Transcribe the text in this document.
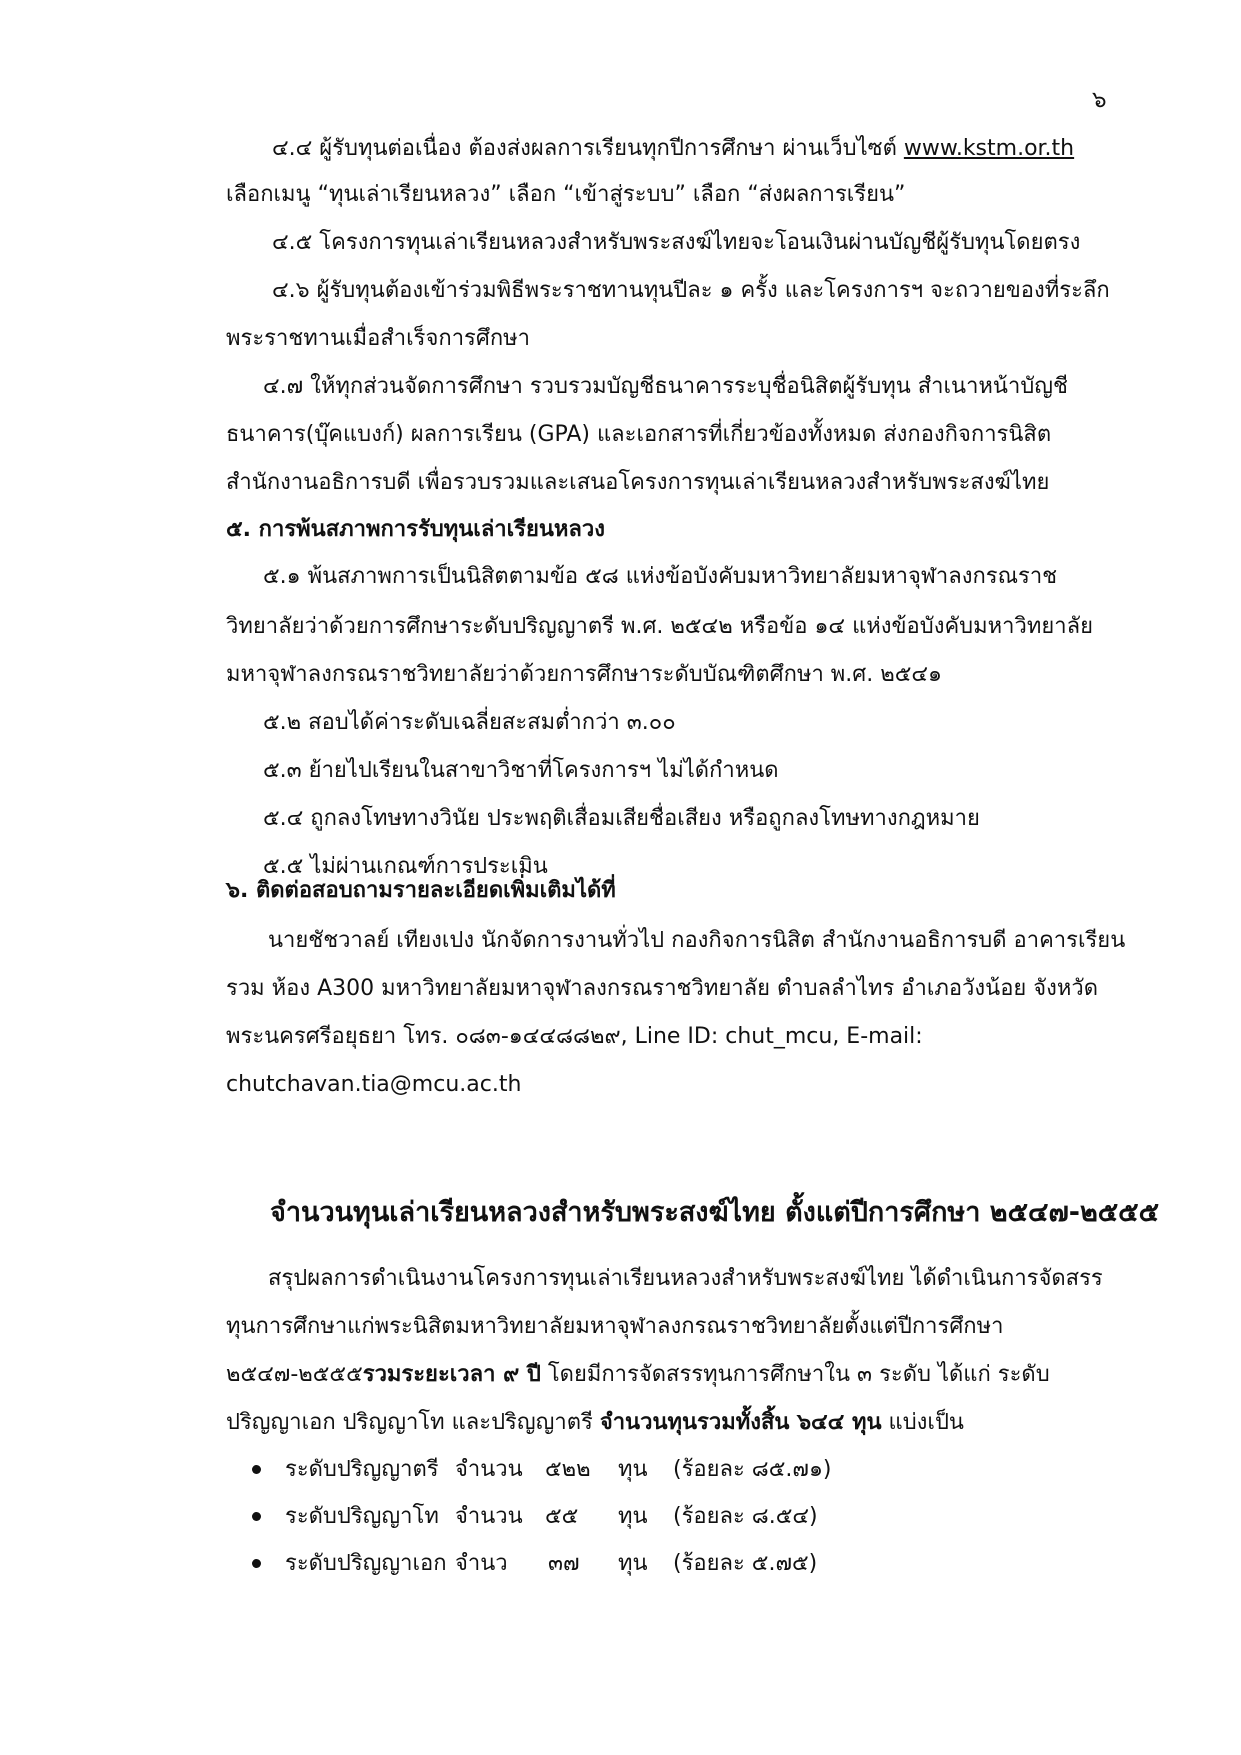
๖
๔.๔ ผู้รับทุนต่อเนื่อง ต้องส่งผลการเรียนทุกปีการศึกษา ผ่านเว็บไซต์ www.kstm.or.th
เลือกเมนู “ทุนเล่าเรียนหลวง” เลือก “เข้าสู่ระบบ” เลือก “ส่งผลการเรียน”
๔.๕ โครงการทุนเล่าเรียนหลวงสำหรับพระสงฆ์ไทยจะโอนเงินผ่านบัญชีผู้รับทุนโดยตรง
๔.๖ ผู้รับทุนต้องเข้าร่วมพิธีพระราชทานทุนปีละ ๑ ครั้ง และโครงการฯ จะถวายของที่ระลึก
พระราชทานเมื่อสำเร็จการศึกษา
๔.๗ ให้ทุกส่วนจัดการศึกษา รวบรวมบัญชีธนาคารระบุชื่อนิสิตผู้รับทุน สำเนาหน้าบัญชี
ธนาคาร(บุ๊คแบงก์) ผลการเรียน (GPA) และเอกสารที่เกี่ยวข้องทั้งหมด ส่งกองกิจการนิสิต
สำนักงานอธิการบดี เพื่อรวบรวมและเสนอโครงการทุนเล่าเรียนหลวงสำหรับพระสงฆ์ไทย
๕. การพ้นสภาพการรับทุนเล่าเรียนหลวง
๕.๑ พ้นสภาพการเป็นนิสิตตามข้อ ๕๘ แห่งข้อบังคับมหาวิทยาลัยมหาจุฬาลงกรณราช
วิทยาลัยว่าด้วยการศึกษาระดับปริญญาตรี พ.ศ. ๒๕๔๒ หรือข้อ ๑๔ แห่งข้อบังคับมหาวิทยาลัย
มหาจุฬาลงกรณราชวิทยาลัยว่าด้วยการศึกษาระดับบัณฑิตศึกษา พ.ศ. ๒๕๔๑
๕.๒ สอบได้ค่าระดับเฉลี่ยสะสมต่ำกว่า ๓.๐๐
๕.๓ ย้ายไปเรียนในสาขาวิชาที่โครงการฯ ไม่ได้กำหนด
๕.๔ ถูกลงโทษทางวินัย ประพฤติเสื่อมเสียชื่อเสียง หรือถูกลงโทษทางกฎหมาย
๕.๕ ไม่ผ่านเกณฑ์การประเมิน
๖. ติดต่อสอบถามรายละเอียดเพิ่มเติมได้ที่
นายชัชวาลย์ เทียงเปง นักจัดการงานทั่วไป กองกิจการนิสิต สำนักงานอธิการบดี อาคารเรียน
รวม ห้อง A300 มหาวิทยาลัยมหาจุฬาลงกรณราชวิทยาลัย ตำบลลำไทร อำเภอวังน้อย จังหวัด
พระนครศรีอยุธยา โทร. ๐๘๓-๑๔๔๘๘๒๙, Line ID: chut_mcu, E-mail:
chutchavan.tia@mcu.ac.th
จำนวนทุนเล่าเรียนหลวงสำหรับพระสงฆ์ไทย ตั้งแต่ปีการศึกษา ๒๕๔๗-๒๕๕๕
สรุปผลการดำเนินงานโครงการทุนเล่าเรียนหลวงสำหรับพระสงฆ์ไทย ได้ดำเนินการจัดสรร
ทุนการศึกษาแก่พระนิสิตมหาวิทยาลัยมหาจุฬาลงกรณราชวิทยาลัยตั้งแต่ปีการศึกษา
๒๕๔๗-๒๕๕๕รวมระยะเวลา ๙ ปี โดยมีการจัดสรรทุนการศึกษาใน ๓ ระดับ ได้แก่ ระดับ
ปริญญาเอก ปริญญาโท และปริญญาตรี จำนวนทุนรวมทั้งสิ้น ๖๔๔ ทุน แบ่งเป็น
ระดับปริญญาตรี จำนวน ๕๒๒ ทุน (ร้อยละ ๘๕.๗๑)
ระดับปริญญาโท จำนวน ๕๕ ทุน (ร้อยละ ๘.๕๔)
ระดับปริญญาเอก จำนว ๓๗ ทุน (ร้อยละ ๕.๗๕)
